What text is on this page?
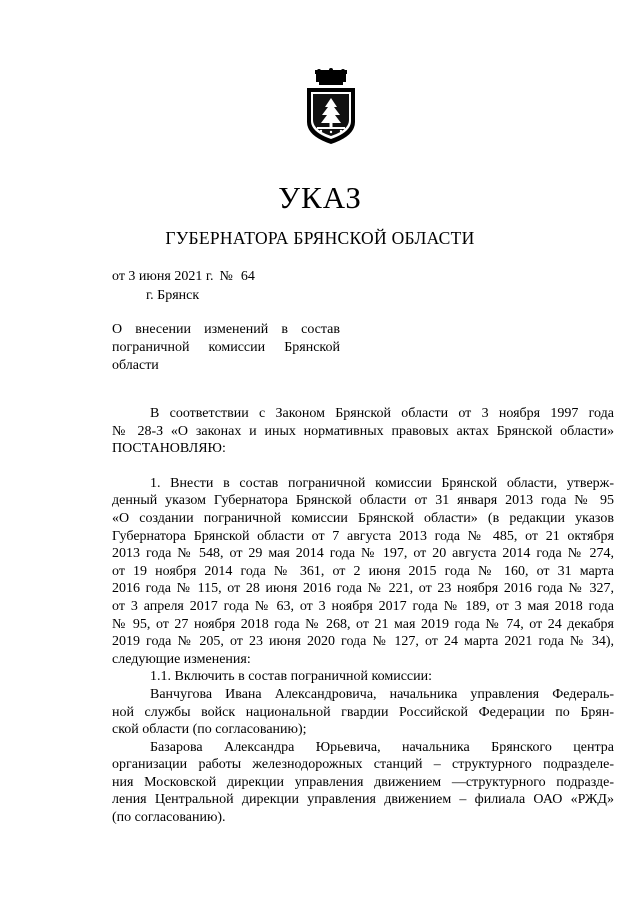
УКАЗ
ГУБЕРНАТОРА БРЯНСКОЙ ОБЛАСТИ
от 3 июня 2021 г. № 64
г. Брянск
О внесении изменений в состав
пограничной комиссии Брянской
области
В соответствии с Законом Брянской области от 3 ноября 1997 года
№ 28-З «О законах и иных нормативных правовых актах Брянской области»
ПОСТАНОВЛЯЮ:
1. Внести в состав пограничной комиссии Брянской области, утверж-
денный указом Губернатора Брянской области от 31 января 2013 года № 95
«О создании пограничной комиссии Брянской области» (в редакции указов
Губернатора Брянской области от 7 августа 2013 года № 485, от 21 октября
2013 года № 548, от 29 мая 2014 года № 197, от 20 августа 2014 года № 274,
от 19 ноября 2014 года № 361, от 2 июня 2015 года № 160, от 31 марта
2016 года № 115, от 28 июня 2016 года № 221, от 23 ноября 2016 года № 327,
от 3 апреля 2017 года № 63, от 3 ноября 2017 года № 189, от 3 мая 2018 года
№ 95, от 27 ноября 2018 года № 268, от 21 мая 2019 года № 74, от 24 декабря
2019 года № 205, от 23 июня 2020 года № 127, от 24 марта 2021 года № 34),
следующие изменения:
1.1. Включить в состав пограничной комиссии:
Ванчугова Ивана Александровича, начальника управления Федераль-
ной службы войск национальной гвардии Российской Федерации по Брян-
ской области (по согласованию);
Базарова Александра Юрьевича, начальника Брянского центра
организации работы железнодорожных станций – структурного подразделе-
ния Московской дирекции управления движением —структурного подразде-
ления Центральной дирекции управления движением – филиала ОАО «РЖД»
(по согласованию).
